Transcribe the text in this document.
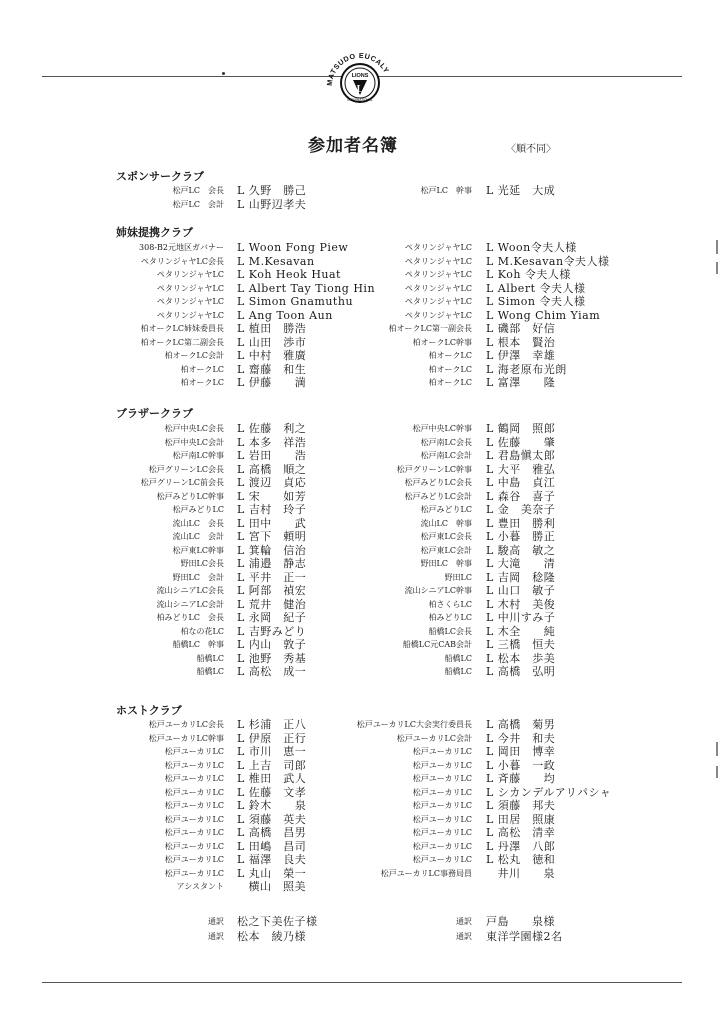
MATSUDO EUCALY
LIONS
L
INTERNATIONAL
参加者名簿	〈順不同〉
スポンサークラブ
松戸LC　会長 L 久野　勝己
松戸LC　会計 L 山野辺孝夫
松戸LC　幹事 L 光延　大成
姉妹提携クラブ
308-B2元地区ガバナー L Woon Fong Piew
ペタリンジャヤLC会長 L M.Kesavan
ペタリンジャヤLC L Koh Heok Huat
ペタリンジャヤLC L Albert Tay Tiong Hin
ペタリンジャヤLC L Simon Gnamuthu
ペタリンジャヤLC L Ang Toon Aun
柏オークLC姉妹委員長 L 植田　勝浩
柏オークLC第二副会長 L 山田　渉市
柏オークLC会計 L 中村　雅廣
柏オークLC L 齋藤　和生
柏オークLC L 伊藤　　満
ペタリンジャヤLC L Woon令夫人様
ペタリンジャヤLC L M.Kesavan令夫人様
ペタリンジャヤLC L Koh 令夫人様
ペタリンジャヤLC L Albert 令夫人様
ペタリンジャヤLC L Simon 令夫人様
ペタリンジャヤLC L Wong Chim Yiam
柏オークLC第一副会長 L 磯部　好信
柏オークLC幹事 L 根本　賢治
柏オークLC L 伊澤　幸雄
柏オークLC L 海老原布光朗
柏オークLC L 富澤　　隆
ブラザークラブ
松戸中央LC会長 L 佐藤　利之
松戸中央LC会計 L 本多　祥浩
松戸南LC幹事 L 岩田　　浩
松戸グリーンLC会長 L 高橋　順之
松戸グリーンLC前会長 L 渡辺　貞応
松戸みどりLC幹事 L 宋　　如芳
松戸みどりLC L 吉村　玲子
流山LC　会長 L 田中　　武
流山LC　会計 L 宮下　頼明
松戸東LC幹事 L 箕輪　信治
野田LC会長 L 浦邉　静志
野田LC　会計 L 平井　正一
流山シニアLC会長 L 阿部　禎宏
流山シニアLC会計 L 荒井　健治
柏みどりLC　会長 L 永岡　紀子
柏なの花LC L 吉野みどり
船橋LC　幹事 L 内山　敦子
船橋LC L 池野　秀基
船橋LC L 高松　成一
松戸中央LC幹事 L 鶴岡　照郎
松戸南LC会長 L 佐藤　　肇
松戸南LC会計 L 君島愼太郎
松戸グリーンLC幹事 L 大平　雅弘
松戸みどりLC会長 L 中島　貞江
松戸みどりLC会計 L 森谷　喜子
松戸みどりLC L 金　美奈子
流山LC　幹事 L 豊田　勝利
松戸東LC会長 L 小暮　勝正
松戸東LC会計 L 駿高　敏之
野田LC　幹事 L 大滝　　清
野田LC L 吉岡　稔隆
流山シニアLC幹事 L 山口　敏子
柏さくらLC L 木村　美俊
柏みどりLC L 中川すみ子
船橋LC会長 L 木全　　純
船橋LC元CAB会計 L 三橋　恒夫
船橋LC L 松本　歩美
船橋LC L 高橋　弘明
ホストクラブ
松戸ユーカリLC会長 L 杉浦　正八
松戸ユーカリLC幹事 L 伊原　正行
松戸ユーカリLC L 市川　恵一
松戸ユーカリLC L 上吉　司郎
松戸ユーカリLC L 椎田　武人
松戸ユーカリLC L 佐藤　文孝
松戸ユーカリLC L 鈴木　　泉
松戸ユーカリLC L 須藤　英夫
松戸ユーカリLC L 高橋　昌男
松戸ユーカリLC L 田嶋　昌司
松戸ユーカリLC L 福澤　良夫
松戸ユーカリLC L 丸山　榮一
アシスタント 　横山　照美
松戸ユーカリLC大会実行委員長 L 高橋　菊男
松戸ユーカリLC会計 L 今井　和夫
松戸ユーカリLC L 岡田　博幸
松戸ユーカリLC L 小暮　一政
松戸ユーカリLC L 斉藤　　均
松戸ユーカリLC L シカンデルアリパシャ
松戸ユーカリLC L 須藤　邦夫
松戸ユーカリLC L 田居　照康
松戸ユーカリLC L 高松　清幸
松戸ユーカリLC L 丹澤　八郎
松戸ユーカリLC L 松丸　徳和
松戸ユーカリLC事務局員 　井川　　泉
通訳 松之下美佐子様	通訳 戸島　　泉様
通訳 松本　綾乃様	通訳 東洋学園様2名
